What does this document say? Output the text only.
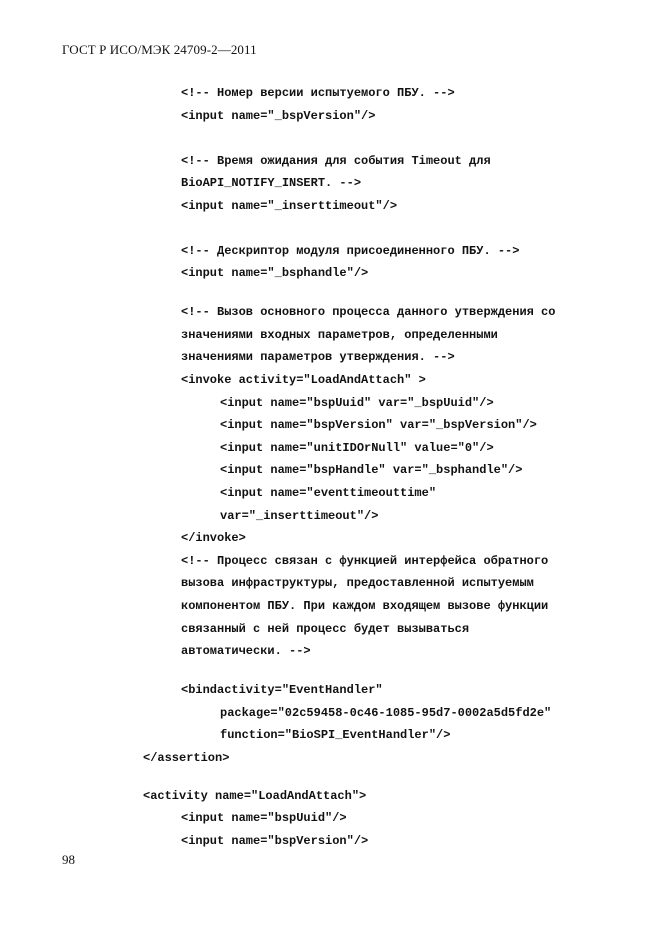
ГОСТ Р ИСО/МЭК 24709-2—2011
<!-- Номер версии испытуемого ПБУ. -->
<input name="_bspVersion"/>
<!-- Время ожидания для события Timeout для
BioAPI_NOTIFY_INSERT. -->
<input name="_inserttimeout"/>
<!-- Дескриптор модуля присоединенного ПБУ. -->
<input name="_bsphandle"/>
<!-- Вызов основного процесса данного утверждения со
значениями входных параметров, определенными
значениями параметров утверждения. -->
<invoke activity="LoadAndAttach" >
<input name="bspUuid" var="_bspUuid"/>
<input name="bspVersion" var="_bspVersion"/>
<input name="unitIDOrNull" value="0"/>
<input name="bspHandle" var="_bsphandle"/>
<input name="eventtimeouttime"
var="_inserttimeout"/>
</invoke>
<!-- Процесс связан с функцией интерфейса обратного
вызова инфраструктуры, предоставленной испытуемым
компонентом ПБУ. При каждом входящем вызове функции
связанный с ней процесс будет вызываться
автоматически. -->
<bindactivity="EventHandler"
package="02c59458-0c46-1085-95d7-0002a5d5fd2e"
function="BioSPI_EventHandler"/>
</assertion>
<activity name="LoadAndAttach">
<input name="bspUuid"/>
<input name="bspVersion"/>
98
